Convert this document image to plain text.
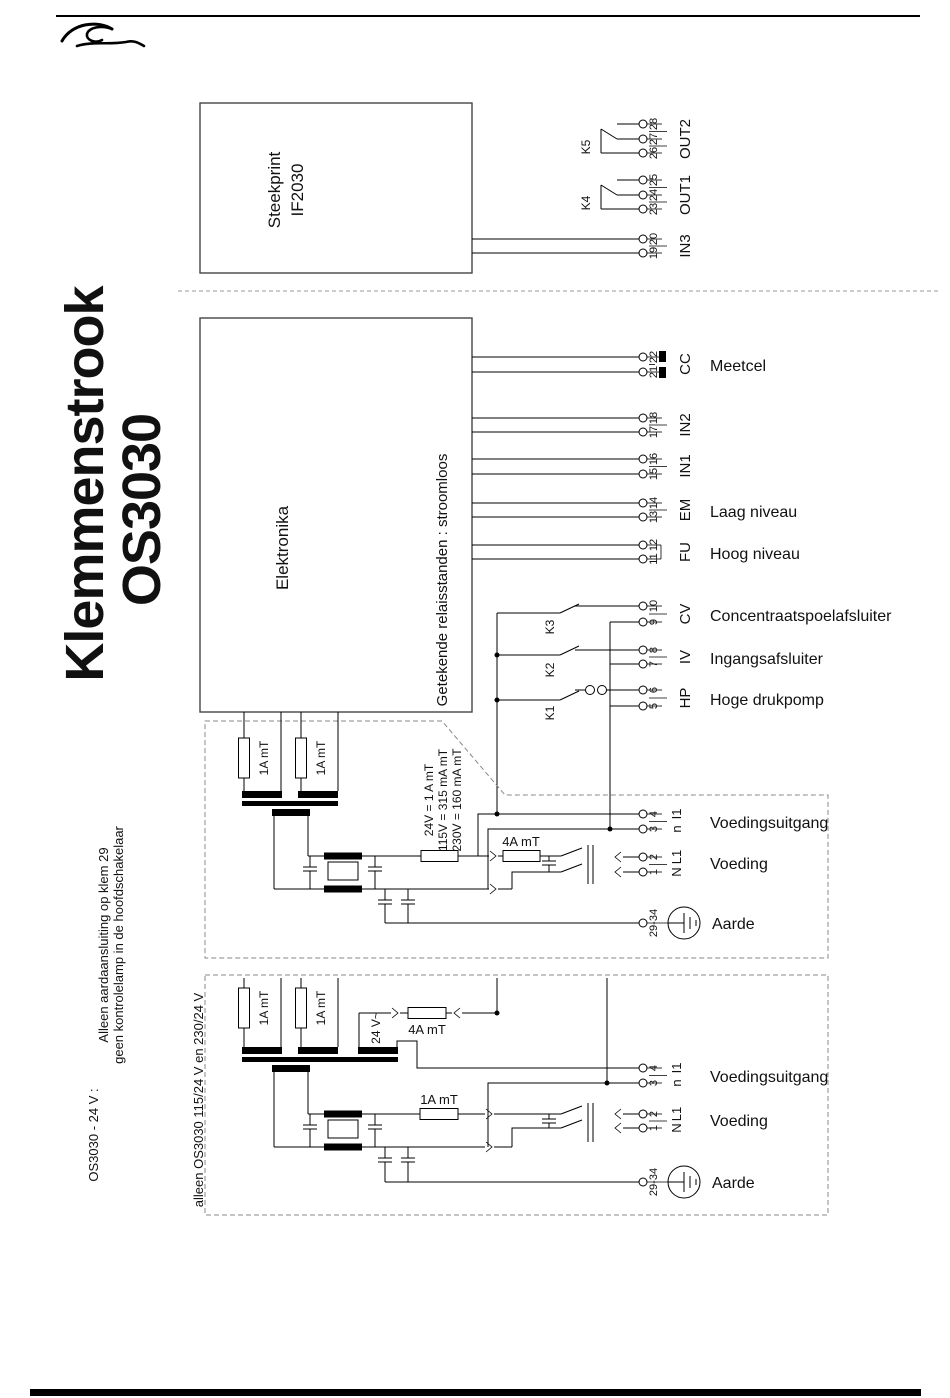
Klemmenstrook
OS3030
Steekprint IF2030
K5
K4
28
27
26 OUT2
25
24
23 OUT1
20
19 IN3
Elektronika	Getekende relaisstanden : stroomloos
22
21 CC Meetcel
18
17 IN2
16
15 IN1
14
13 EM Laag niveau
12
11 FU Hoog niveau
K3
K2
K1
10
9 CV Concentraatspoelafsluiter
8
7 IV Ingangsafsluiter
6
5 HP Hoge drukpomp
1A mT	1A mT
4A mT
24V = 1 A mT 115V = 315 mA mT 230V = 160 mA mT	4
3
I1
n Voedingsuitgang
2
1
L1
N Voeding
29-34	Aarde
1A mT	1A mT
24 V~ 4A mT
1A mT
4
3
I1
n Voedingsuitgang
2
1
L1
N Voeding
29-34	Aarde
Alleen aardaansluiting op klem 29 geen kontrolelamp in de hoofdschakelaar
OS3030 - 24 V :	alleen OS3030 115/24 V en 230/24 V
